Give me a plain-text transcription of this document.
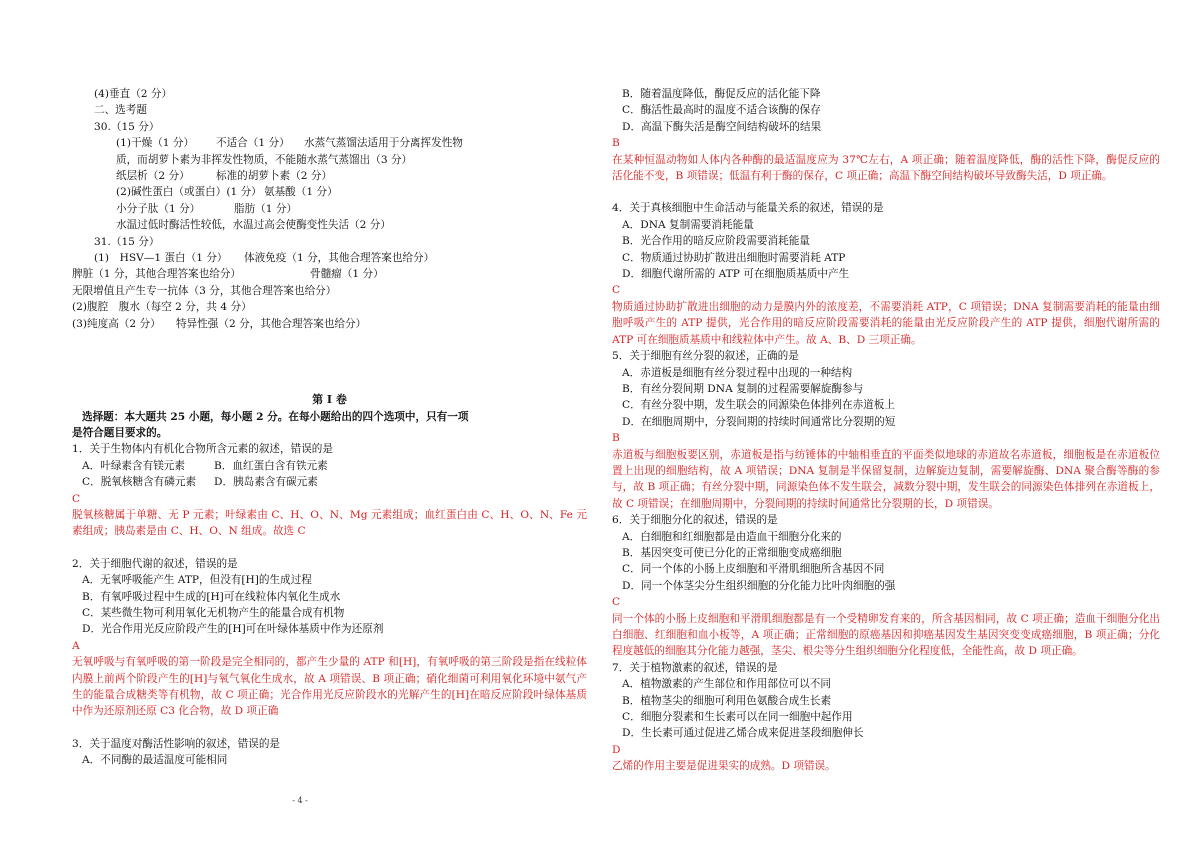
(4)垂直（2 分）
二、选考题
30.（15 分）
(1)干燥（1 分） 不适合（1 分） 水蒸气蒸馏法适用于分离挥发性物
质，而胡萝卜素为非挥发性物质，不能随水蒸气蒸馏出（3 分）
纸层析（2 分） 标准的胡萝卜素（2 分）
(2)碱性蛋白（或蛋白）(1 分） 氨基酸（1 分）
小分子肽（1 分）	脂肪（1 分）
水温过低时酶活性较低，水温过高会使酶变性失活（2 分）
31.（15 分）
(1)　HSV—1 蛋白（1 分） 体液免疫（1 分，其他合理答案也给分）
脾脏（1 分，其他合理答案也给分）	骨髓瘤（1 分）
无限增值且产生专一抗体（3 分，其他合理答案也给分）
(2)腹腔　腹水（每空 2 分，共 4 分）
(3)纯度高（2 分） 特异性强（2 分，其他合理答案也给分）
第 I 卷
选择题：本大题共 25 小题，每小题 2 分。在每小题给出的四个选项中，只有一项
是符合题目要求的。
1．关于生物体内有机化合物所含元素的叙述，错误的是
A．叶绿素含有镁元素	B．血红蛋白含有铁元素
C．脱氧核糖含有磷元素 D．胰岛素含有碳元素
C
脱氧核糖属于单糖、无 P 元素；叶绿素由 C、H、O、N、Mg 元素组成；血红蛋白由 C、H、O、N、Fe 元素组成；胰岛素是由 C、H、O、N 组成。故选 C
2．关于细胞代谢的叙述，错误的是
A．无氧呼吸能产生 ATP，但没有[H]的生成过程
B．有氧呼吸过程中生成的[H]可在线粒体内氧化生成水
C．某些微生物可利用氧化无机物产生的能量合成有机物
D．光合作用光反应阶段产生的[H]可在叶绿体基质中作为还原剂
A
无氧呼吸与有氧呼吸的第一阶段是完全相同的，都产生少量的 ATP 和[H]，有氧呼吸的第三阶段是指在线粒体内膜上前两个阶段产生的[H]与氧气氧化生成水，故 A 项错误、B 项正确；硝化细菌可利用氧化环境中氨气产生的能量合成糖类等有机物，故 C 项正确；光合作用光反应阶段水的光解产生的[H]在暗反应阶段叶绿体基质中作为还原剂还原 C3 化合物，故 D 项正确
3．关于温度对酶活性影响的叙述，错误的是
A．不同酶的最适温度可能相同
B．随着温度降低，酶促反应的活化能下降
C．酶活性最高时的温度不适合该酶的保存
D．高温下酶失活是酶空间结构破坏的结果
B
在某种恒温动物如人体内各种酶的最适温度应为 37℃左右，A 项正确；随着温度降低，酶的活性下降，酶促反应的活化能不变，B 项错误；低温有利于酶的保存，C 项正确；高温下酶空间结构破坏导致酶失活，D 项正确。
4．关于真核细胞中生命活动与能量关系的叙述，错误的是
A．DNA 复制需要消耗能量
B．光合作用的暗反应阶段需要消耗能量
C．物质通过协助扩散进出细胞时需要消耗 ATP
D．细胞代谢所需的 ATP 可在细胞质基质中产生
C
物质通过协助扩散进出细胞的动力是膜内外的浓度差，不需要消耗 ATP，C 项错误；DNA 复制需要消耗的能量由细胞呼吸产生的 ATP 提供，光合作用的暗反应阶段需要消耗的能量由光反应阶段产生的 ATP 提供，细胞代谢所需的 ATP 可在细胞质基质中和线粒体中产生。故 A、B、D 三项正确。
5．关于细胞有丝分裂的叙述，正确的是
A．赤道板是细胞有丝分裂过程中出现的一种结构
B．有丝分裂间期 DNA 复制的过程需要解旋酶参与
C．有丝分裂中期，发生联会的同源染色体排列在赤道板上
D．在细胞周期中，分裂间期的持续时间通常比分裂期的短
B
赤道板与细胞板要区别，赤道板是指与纺锤体的中轴相垂直的平面类似地球的赤道故名赤道板，细胞板是在赤道板位置上出现的细胞结构，故 A 项错误；DNA 复制是半保留复制，边解旋边复制，需要解旋酶、DNA 聚合酶等酶的参与，故 B 项正确；有丝分裂中期，同源染色体不发生联会，减数分裂中期，发生联会的同源染色体排列在赤道板上，故 C 项错误；在细胞周期中，分裂间期的持续时间通常比分裂期的长，D 项错误。
6．关于细胞分化的叙述，错误的是
A．白细胞和红细胞都是由造血干细胞分化来的
B．基因突变可使已分化的正常细胞变成癌细胞
C．同一个体的小肠上皮细胞和平滑肌细胞所含基因不同
D．同一个体茎尖分生组织细胞的分化能力比叶肉细胞的强
C
同一个体的小肠上皮细胞和平滑肌细胞都是有一个受精卵发育来的，所含基因相同，故 C 项正确；造血干细胞分化出白细胞、红细胞和血小板等，A 项正确；正常细胞的原癌基因和抑癌基因发生基因突变变成癌细胞，B 项正确；分化程度越低的细胞其分化能力越强，茎尖、根尖等分生组织细胞分化程度低，全能性高，故 D 项正确。
7．关于植物激素的叙述，错误的是
A．植物激素的产生部位和作用部位可以不同
B．植物茎尖的细胞可利用色氨酸合成生长素
C．细胞分裂素和生长素可以在同一细胞中起作用
D．生长素可通过促进乙烯合成来促进茎段细胞伸长
D
乙烯的作用主要是促进果实的成熟。D 项错误。
- 4 -
